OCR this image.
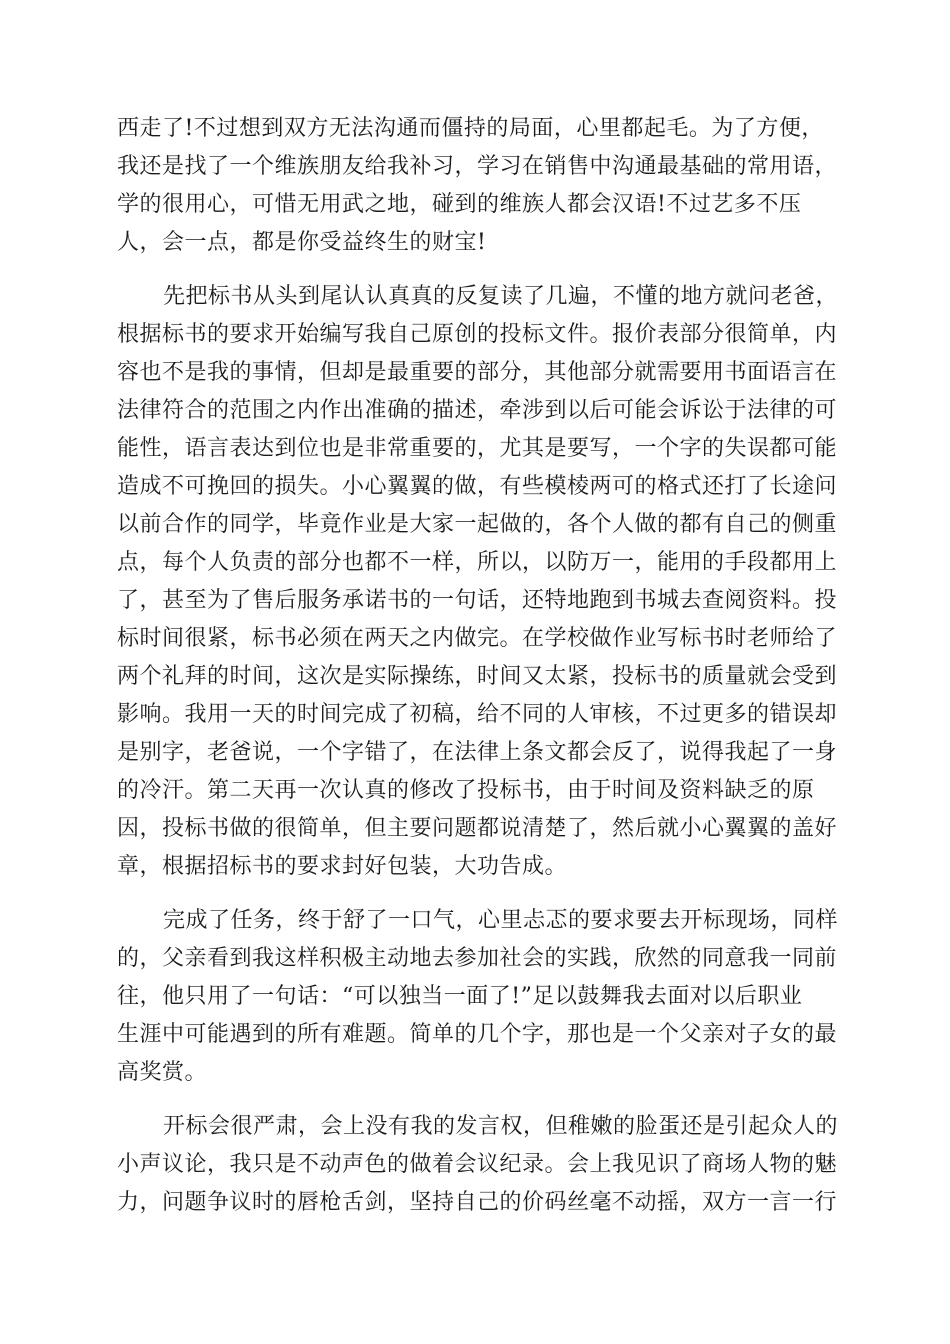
西走了!不过想到双方无法沟通而僵持的局面，心里都起毛。为了方便，
我还是找了一个维族朋友给我补习，学习在销售中沟通最基础的常用语，
学的很用心，可惜无用武之地，碰到的维族人都会汉语!不过艺多不压
人，会一点，都是你受益终生的财宝!
先把标书从头到尾认认真真的反复读了几遍，不懂的地方就问老爸，
根据标书的要求开始编写我自己原创的投标文件。报价表部分很简单，内
容也不是我的事情，但却是最重要的部分，其他部分就需要用书面语言在
法律符合的范围之内作出准确的描述，牵涉到以后可能会诉讼于法律的可
能性，语言表达到位也是非常重要的，尤其是要写，一个字的失误都可能
造成不可挽回的损失。小心翼翼的做，有些模棱两可的格式还打了长途问
以前合作的同学，毕竟作业是大家一起做的，各个人做的都有自己的侧重
点，每个人负责的部分也都不一样，所以，以防万一，能用的手段都用上
了，甚至为了售后服务承诺书的一句话，还特地跑到书城去查阅资料。投
标时间很紧，标书必须在两天之内做完。在学校做作业写标书时老师给了
两个礼拜的时间，这次是实际操练，时间又太紧，投标书的质量就会受到
影响。我用一天的时间完成了初稿，给不同的人审核，不过更多的错误却
是别字，老爸说，一个字错了，在法律上条文都会反了，说得我起了一身
的冷汗。第二天再一次认真的修改了投标书，由于时间及资料缺乏的原
因，投标书做的很简单，但主要问题都说清楚了，然后就小心翼翼的盖好
章，根据招标书的要求封好包装，大功告成。
完成了任务，终于舒了一口气，心里忐忑的要求要去开标现场，同样
的，父亲看到我这样积极主动地去参加社会的实践，欣然的同意我一同前
往，他只用了一句话：“可以独当一面了!”足以鼓舞我去面对以后职业
生涯中可能遇到的所有难题。简单的几个字，那也是一个父亲对子女的最
高奖赏。
开标会很严肃，会上没有我的发言权，但稚嫩的脸蛋还是引起众人的
小声议论，我只是不动声色的做着会议纪录。会上我见识了商场人物的魅
力，问题争议时的唇枪舌剑，坚持自己的价码丝毫不动摇，双方一言一行
